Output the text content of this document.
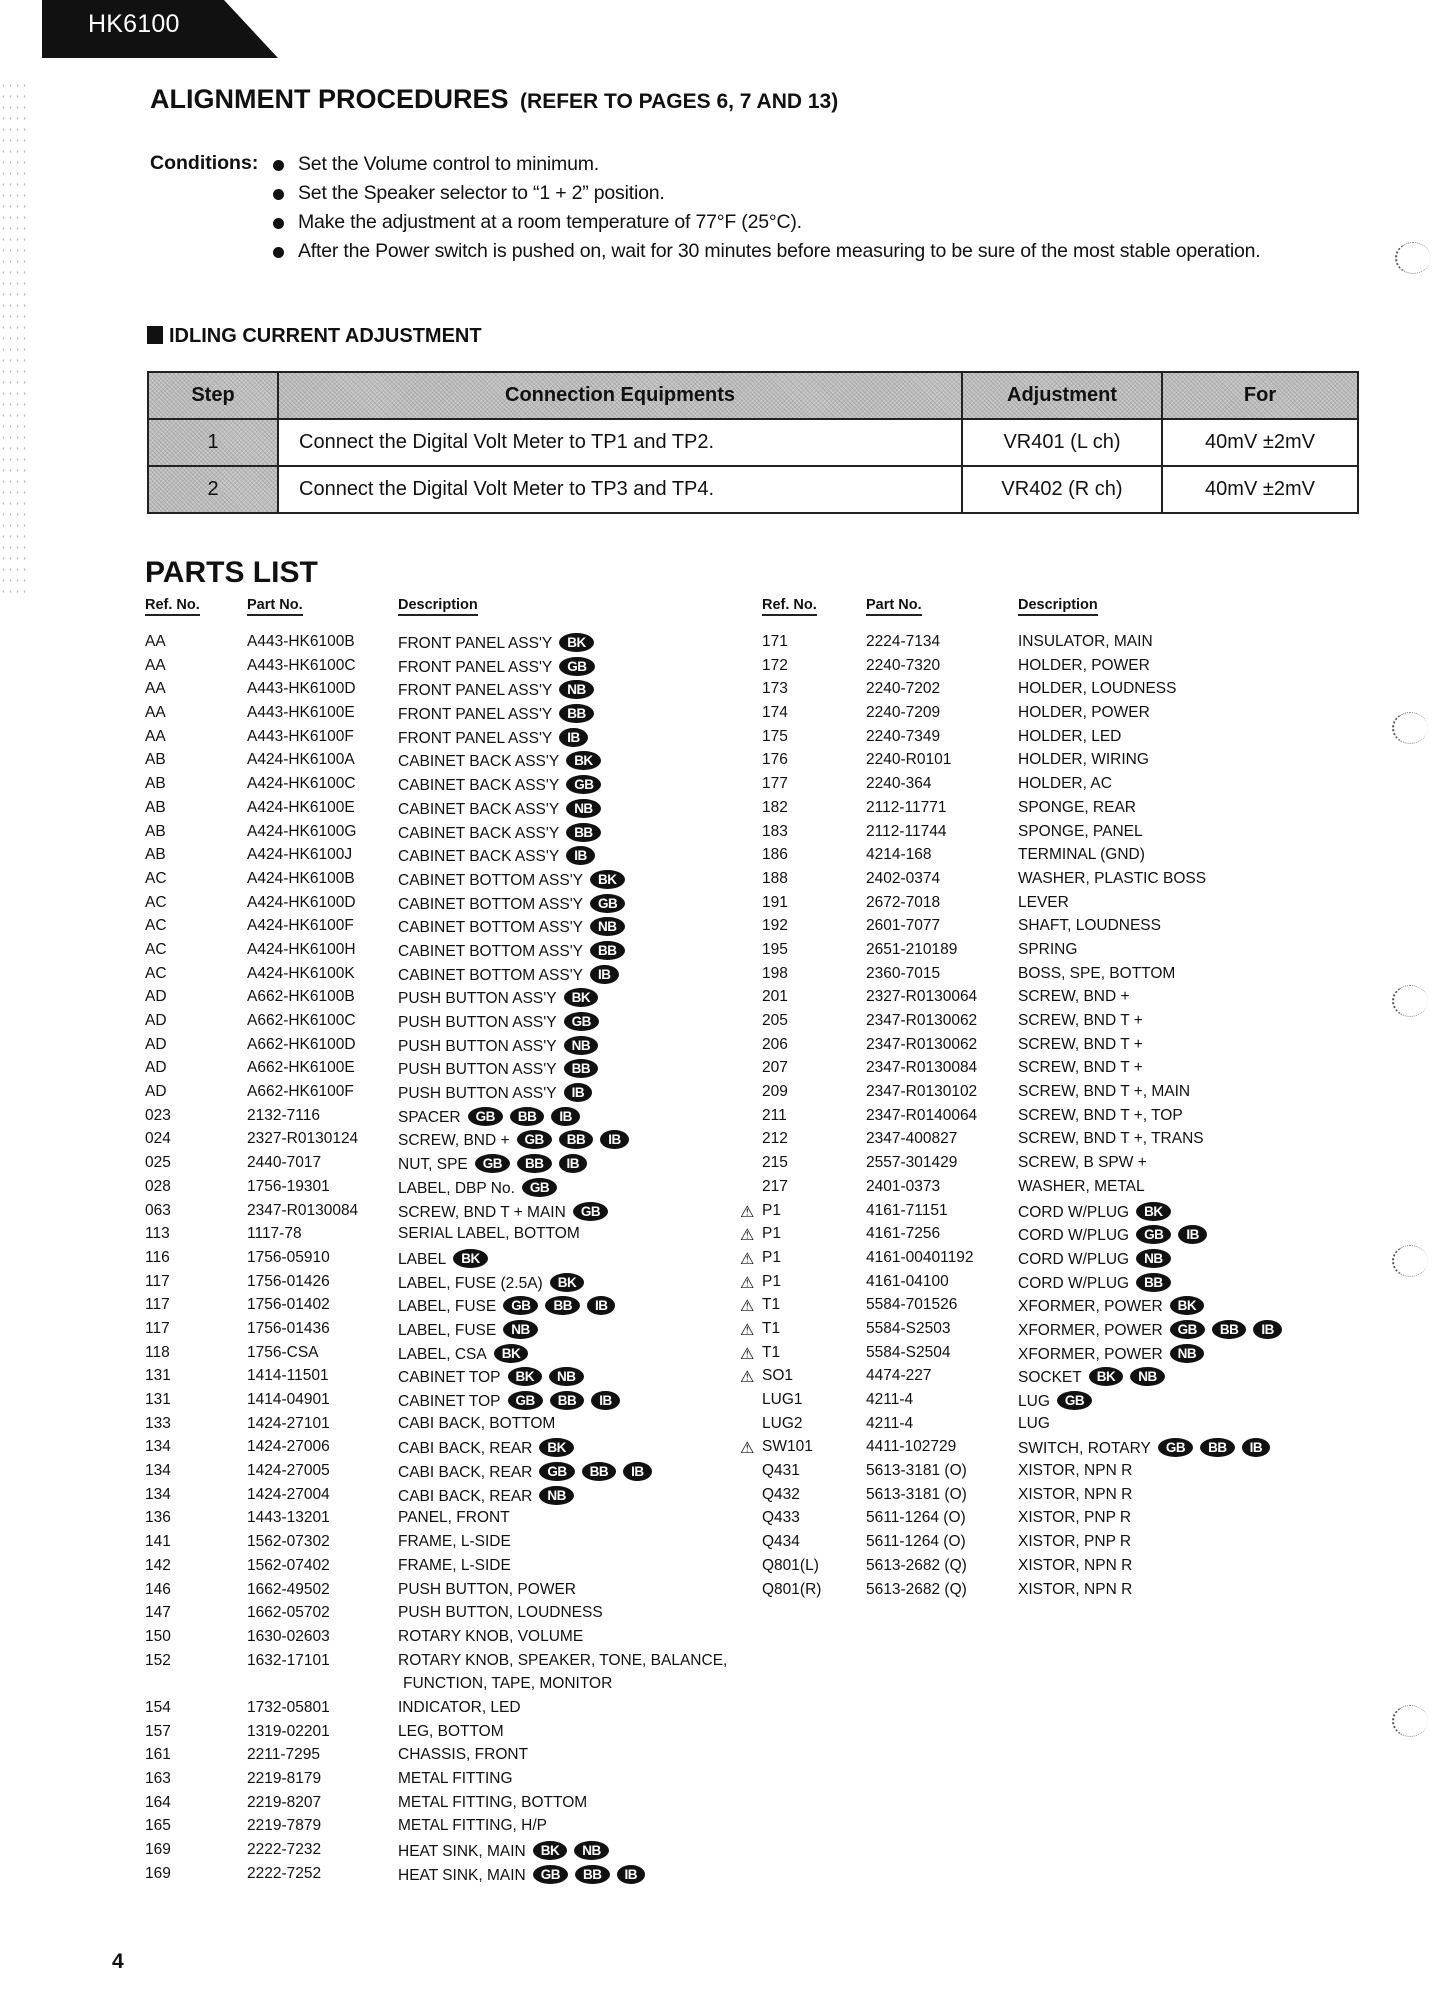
HK6100
ALIGNMENT PROCEDURES (REFER TO PAGES 6, 7 AND 13)
Conditions:	Set the Volume control to minimum.
Set the Speaker selector to “1 + 2” position.
Make the adjustment at a room temperature of 77°F (25°C).
After the Power switch is pushed on, wait for 30 minutes before measuring to be sure of the most stable operation.
IDLING CURRENT ADJUSTMENT
Step	Connection Equipments	Adjustment	For
1	Connect the Digital Volt Meter to TP1 and TP2.	VR401 (L ch)	40mV ±2mV
2	Connect the Digital Volt Meter to TP3 and TP4.	VR402 (R ch)	40mV ±2mV
PARTS LIST
Ref. No.	Part No.	Description
AA	A443-HK6100B	FRONT PANEL ASS'Y BK
AA	A443-HK6100C	FRONT PANEL ASS'Y GB
AA	A443-HK6100D	FRONT PANEL ASS'Y NB
AA	A443-HK6100E	FRONT PANEL ASS'Y BB
AA	A443-HK6100F	FRONT PANEL ASS'Y IB
AB	A424-HK6100A	CABINET BACK ASS'Y BK
AB	A424-HK6100C	CABINET BACK ASS'Y GB
AB	A424-HK6100E	CABINET BACK ASS'Y NB
AB	A424-HK6100G	CABINET BACK ASS'Y BB
AB	A424-HK6100J	CABINET BACK ASS'Y IB
AC	A424-HK6100B	CABINET BOTTOM ASS'Y BK
AC	A424-HK6100D	CABINET BOTTOM ASS'Y GB
AC	A424-HK6100F	CABINET BOTTOM ASS'Y NB
AC	A424-HK6100H	CABINET BOTTOM ASS'Y BB
AC	A424-HK6100K	CABINET BOTTOM ASS'Y IB
AD	A662-HK6100B	PUSH BUTTON ASS'Y BK
AD	A662-HK6100C	PUSH BUTTON ASS'Y GB
AD	A662-HK6100D	PUSH BUTTON ASS'Y NB
AD	A662-HK6100E	PUSH BUTTON ASS'Y BB
AD	A662-HK6100F	PUSH BUTTON ASS'Y IB
023	2132-7116	SPACER GB BB IB
024	2327-R0130124	SCREW, BND + GB BB IB
025	2440-7017	NUT, SPE GB BB IB
028	1756-19301	LABEL, DBP No. GB
063	2347-R0130084	SCREW, BND T + MAIN GB
113	1117-78	SERIAL LABEL, BOTTOM
116	1756-05910	LABEL BK
117	1756-01426	LABEL, FUSE (2.5A) BK
117	1756-01402	LABEL, FUSE GB BB IB
117	1756-01436	LABEL, FUSE NB
118	1756-CSA	LABEL, CSA BK
131	1414-11501	CABINET TOP BK NB
131	1414-04901	CABINET TOP GB BB IB
133	1424-27101	CABI BACK, BOTTOM
134	1424-27006	CABI BACK, REAR BK
134	1424-27005	CABI BACK, REAR GB BB IB
134	1424-27004	CABI BACK, REAR NB
136	1443-13201	PANEL, FRONT
141	1562-07302	FRAME, L-SIDE
142	1562-07402	FRAME, L-SIDE
146	1662-49502	PUSH BUTTON, POWER
147	1662-05702	PUSH BUTTON, LOUDNESS
150	1630-02603	ROTARY KNOB, VOLUME
152	1632-17101	ROTARY KNOB, SPEAKER, TONE, BALANCE,
FUNCTION, TAPE, MONITOR
154	1732-05801	INDICATOR, LED
157	1319-02201	LEG, BOTTOM
161	2211-7295	CHASSIS, FRONT
163	2219-8179	METAL FITTING
164	2219-8207	METAL FITTING, BOTTOM
165	2219-7879	METAL FITTING, H/P
169	2222-7232	HEAT SINK, MAIN BK NB
169	2222-7252	HEAT SINK, MAIN GB BB IB
Ref. No.	Part No.	Description
171	2224-7134	INSULATOR, MAIN
172	2240-7320	HOLDER, POWER
173	2240-7202	HOLDER, LOUDNESS
174	2240-7209	HOLDER, POWER
175	2240-7349	HOLDER, LED
176	2240-R0101	HOLDER, WIRING
177	2240-364	HOLDER, AC
182	2112-11771	SPONGE, REAR
183	2112-11744	SPONGE, PANEL
186	4214-168	TERMINAL (GND)
188	2402-0374	WASHER, PLASTIC BOSS
191	2672-7018	LEVER
192	2601-7077	SHAFT, LOUDNESS
195	2651-210189	SPRING
198	2360-7015	BOSS, SPE, BOTTOM
201	2327-R0130064	SCREW, BND +
205	2347-R0130062	SCREW, BND T +
206	2347-R0130062	SCREW, BND T +
207	2347-R0130084	SCREW, BND T +
209	2347-R0130102	SCREW, BND T +, MAIN
211	2347-R0140064	SCREW, BND T +, TOP
212	2347-400827	SCREW, BND T +, TRANS
215	2557-301429	SCREW, B SPW +
217	2401-0373	WASHER, METAL
⚠ P1	4161-71151	CORD W/PLUG BK
⚠ P1	4161-7256	CORD W/PLUG GB IB
⚠ P1	4161-00401192	CORD W/PLUG NB
⚠ P1	4161-04100	CORD W/PLUG BB
⚠ T1	5584-701526	XFORMER, POWER BK
⚠ T1	5584-S2503	XFORMER, POWER GB BB IB
⚠ T1	5584-S2504	XFORMER, POWER NB
⚠ SO1	4474-227	SOCKET BK NB
LUG1	4211-4	LUG GB
LUG2	4211-4	LUG
⚠ SW101	4411-102729	SWITCH, ROTARY GB BB IB
Q431	5613-3181 (O)	XISTOR, NPN R
Q432	5613-3181 (O)	XISTOR, NPN R
Q433	5611-1264 (O)	XISTOR, PNP R
Q434	5611-1264 (O)	XISTOR, PNP R
Q801(L)	5613-2682 (Q)	XISTOR, NPN R
Q801(R)	5613-2682 (Q)	XISTOR, NPN R
4
